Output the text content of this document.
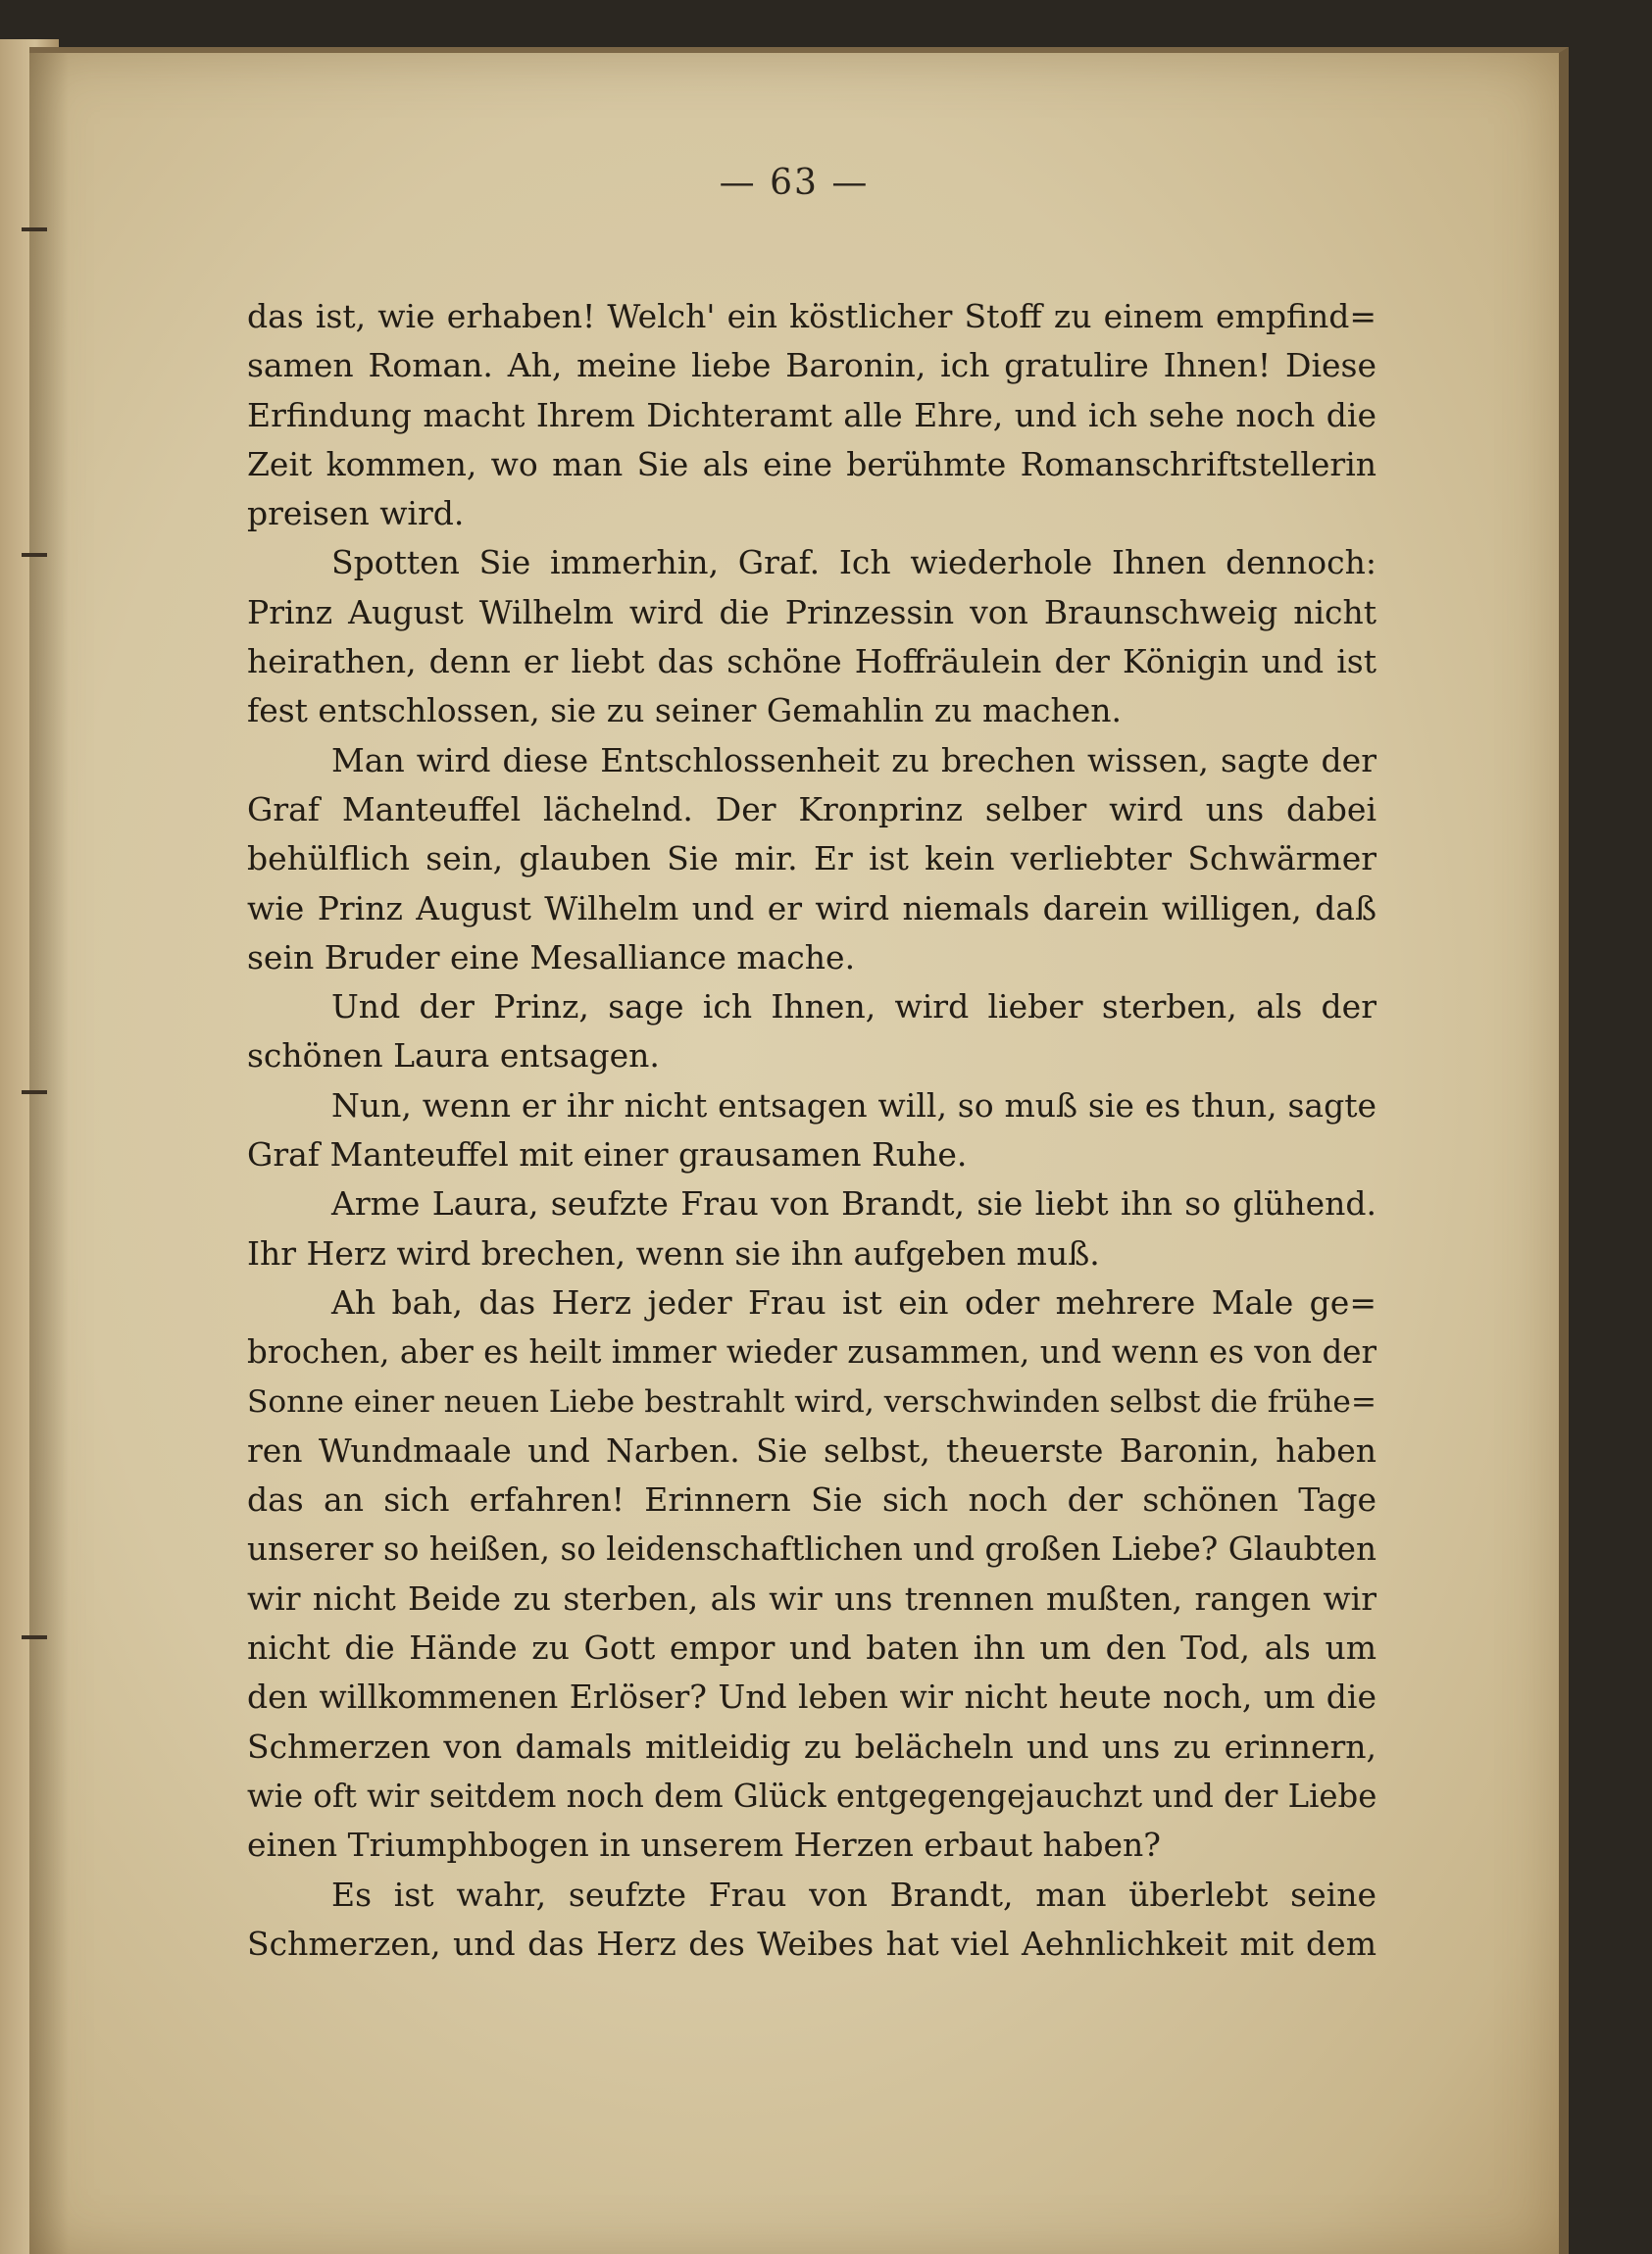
— 63 —
das ist, wie erhaben! Welch' ein köstlicher Stoff zu einem empfind=
samen Roman. Ah, meine liebe Baronin, ich gratulire Ihnen! Diese
Erfindung macht Ihrem Dichteramt alle Ehre, und ich sehe noch die
Zeit kommen, wo man Sie als eine berühmte Romanschriftstellerin
preisen wird.
Spotten Sie immerhin, Graf. Ich wiederhole Ihnen dennoch:
Prinz August Wilhelm wird die Prinzessin von Braunschweig nicht
heirathen, denn er liebt das schöne Hoffräulein der Königin und ist
fest entschlossen, sie zu seiner Gemahlin zu machen.
Man wird diese Entschlossenheit zu brechen wissen, sagte der
Graf Manteuffel lächelnd. Der Kronprinz selber wird uns dabei
behülflich sein, glauben Sie mir. Er ist kein verliebter Schwärmer
wie Prinz August Wilhelm und er wird niemals darein willigen, daß
sein Bruder eine Mesalliance mache.
Und der Prinz, sage ich Ihnen, wird lieber sterben, als der
schönen Laura entsagen.
Nun, wenn er ihr nicht entsagen will, so muß sie es thun, sagte
Graf Manteuffel mit einer grausamen Ruhe.
Arme Laura, seufzte Frau von Brandt, sie liebt ihn so glühend.
Ihr Herz wird brechen, wenn sie ihn aufgeben muß.
Ah bah, das Herz jeder Frau ist ein oder mehrere Male ge=
brochen, aber es heilt immer wieder zusammen, und wenn es von der
Sonne einer neuen Liebe bestrahlt wird, verschwinden selbst die frühe=
ren Wundmaale und Narben. Sie selbst, theuerste Baronin, haben
das an sich erfahren! Erinnern Sie sich noch der schönen Tage
unserer so heißen, so leidenschaftlichen und großen Liebe? Glaubten
wir nicht Beide zu sterben, als wir uns trennen mußten, rangen wir
nicht die Hände zu Gott empor und baten ihn um den Tod, als um
den willkommenen Erlöser? Und leben wir nicht heute noch, um die
Schmerzen von damals mitleidig zu belächeln und uns zu erinnern,
wie oft wir seitdem noch dem Glück entgegengejauchzt und der Liebe
einen Triumphbogen in unserem Herzen erbaut haben?
Es ist wahr, seufzte Frau von Brandt, man überlebt seine
Schmerzen, und das Herz des Weibes hat viel Aehnlichkeit mit dem
